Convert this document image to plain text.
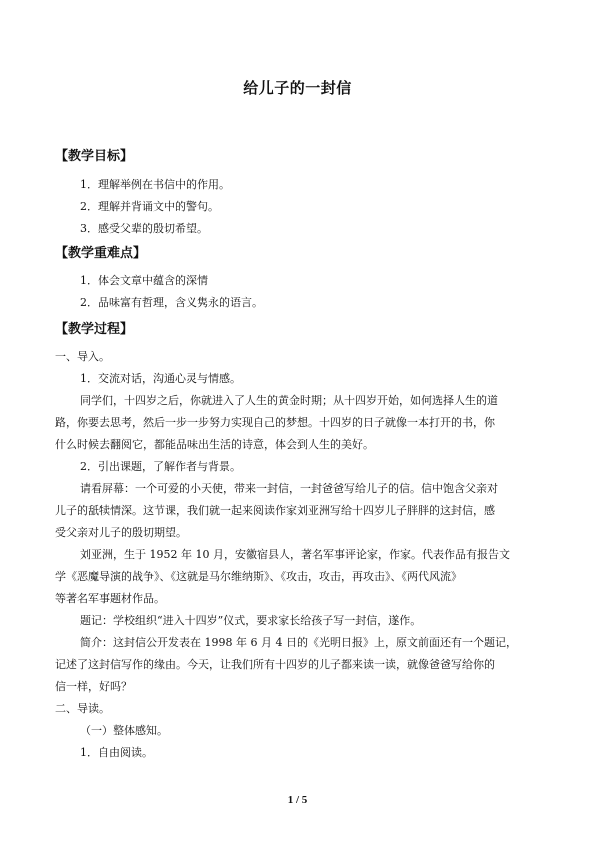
给儿子的一封信
【教学目标】
1．理解举例在书信中的作用。
2．理解并背诵文中的警句。
3．感受父辈的殷切希望。
【教学重难点】
1．体会文章中蕴含的深情
2．品味富有哲理，含义隽永的语言。
【教学过程】
一、导入。
1．交流对话，沟通心灵与情感。
同学们，十四岁之后，你就进入了人生的黄金时期；从十四岁开始，如何选择人生的道
路，你要去思考，然后一步一步努力实现自己的梦想。十四岁的日子就像一本打开的书，你
什么时候去翻阅它，都能品味出生活的诗意，体会到人生的美好。
2．引出课题，了解作者与背景。
请看屏幕：一个可爱的小天使，带来一封信，一封爸爸写给儿子的信。信中饱含父亲对
儿子的舐犊情深。这节课，我们就一起来阅读作家刘亚洲写给十四岁儿子胖胖的这封信，感
受父亲对儿子的殷切期望。
刘亚洲，生于 1952 年 10 月，安徽宿县人，著名军事评论家，作家。代表作品有报告文
学《恶魔导演的战争》、《这就是马尔维纳斯》、《攻击，攻击，再攻击》、《两代风流》
等著名军事题材作品。
题记：学校组织“进入十四岁”仪式，要求家长给孩子写一封信，遂作。
简介：这封信公开发表在 1998 年 6 月 4 日的《光明日报》上，原文前面还有一个题记，
记述了这封信写作的缘由。今天，让我们所有十四岁的儿子都来读一读，就像爸爸写给你的
信一样，好吗？
二、导读。
（一）整体感知。
1．自由阅读。
1 / 5
